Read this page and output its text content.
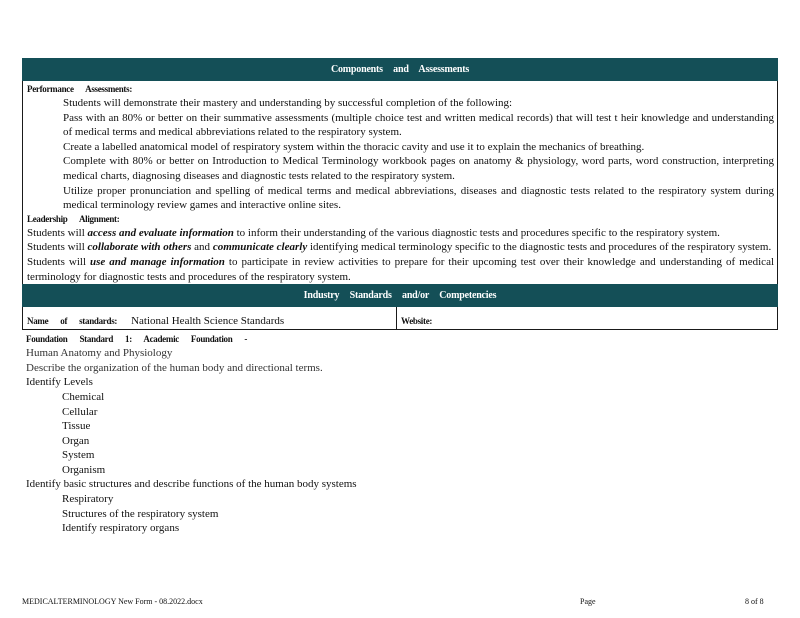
Components and Assessments
Performance Assessments:
Students will demonstrate their mastery and understanding by successful completion of the following:
Pass with an 80% or better on their summative assessments (multiple choice test and written medical records) that will test t heir knowledge and understanding of medical terms and medical abbreviations related to the respiratory system.
Create a labelled anatomical model of respiratory system within the thoracic cavity and use it to explain the mechanics of breathing.
Complete with 80% or better on Introduction to Medical Terminology workbook pages on anatomy & physiology, word parts, word construction, interpreting medical charts, diagnosing diseases and diagnostic tests related to the respiratory system.
Utilize proper pronunciation and spelling of medical terms and medical abbreviations, diseases and diagnostic tests related to the respiratory system during medical terminology review games and interactive online sites.
Leadership Alignment:

Students will access and evaluate information to inform their understanding of the various diagnostic tests and procedures specific to the respiratory system.

Students will collaborate with others and communicate clearly identifying medical terminology specific to the diagnostic tests and procedures of the respiratory system.

Students will use and manage information to participate in review activities to prepare for their upcoming test over their knowledge and understanding of medical terminology for diagnostic tests and procedures of the respiratory system.

Industry Standards and/or Competencies
Name of standards: National Health Science Standards	Website:
Foundation Standard 1: Academic Foundation -
Human Anatomy and Physiology
Describe the organization of the human body and directional terms.
Identify Levels
Chemical
Cellular
Tissue
Organ
System
Organism
Identify basic structures and describe functions of the human body systems
Respiratory
Structures of the respiratory system
Identify respiratory organs
MEDICALTERMINOLOGY New Form - 08.2022.docx	Page	8 of 8
